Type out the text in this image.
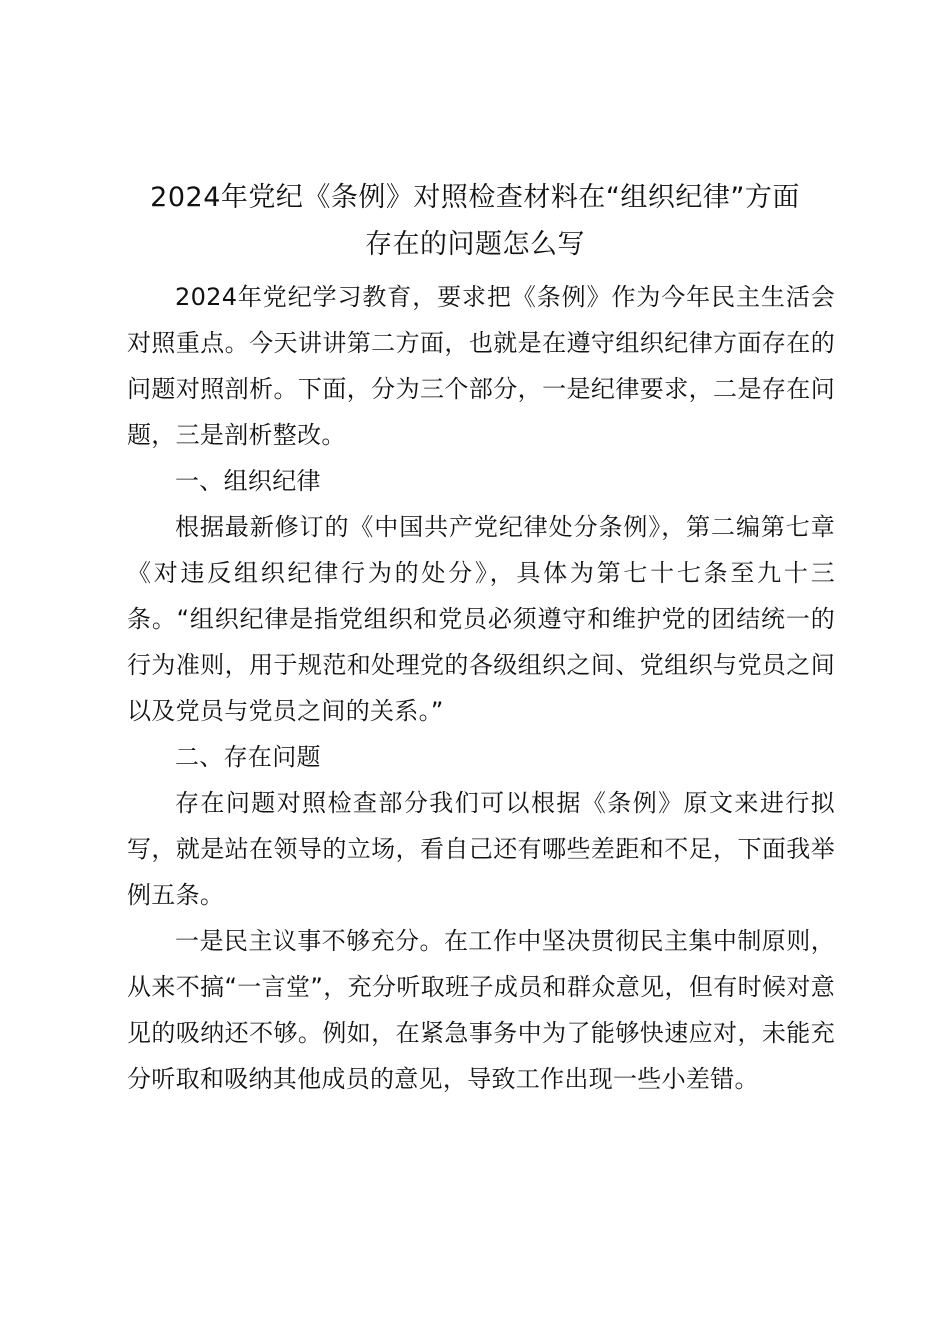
2024年党纪《条例》对照检查材料在“组织纪律”方面
存在的问题怎么写

2024年党纪学习教育，要求把《条例》作为今年民主生活会对照重点。今天讲讲第二方面，也就是在遵守组织纪律方面存在的问题对照剖析。下面，分为三个部分，一是纪律要求，二是存在问题，三是剖析整改。

一、组织纪律

根据最新修订的《中国共产党纪律处分条例》，第二编第七章《对违反组织纪律行为的处分》，具体为第七十七条至九十三条。“组织纪律是指党组织和党员必须遵守和维护党的团结统一的行为准则，用于规范和处理党的各级组织之间、党组织与党员之间以及党员与党员之间的关系。”

二、存在问题

存在问题对照检查部分我们可以根据《条例》原文来进行拟写，就是站在领导的立场，看自己还有哪些差距和不足，下面我举例五条。

一是民主议事不够充分。在工作中坚决贯彻民主集中制原则，从来不搞“一言堂”，充分听取班子成员和群众意见，但有时候对意见的吸纳还不够。例如，在紧急事务中为了能够快速应对，未能充分听取和吸纳其他成员的意见，导致工作出现一些小差错。
